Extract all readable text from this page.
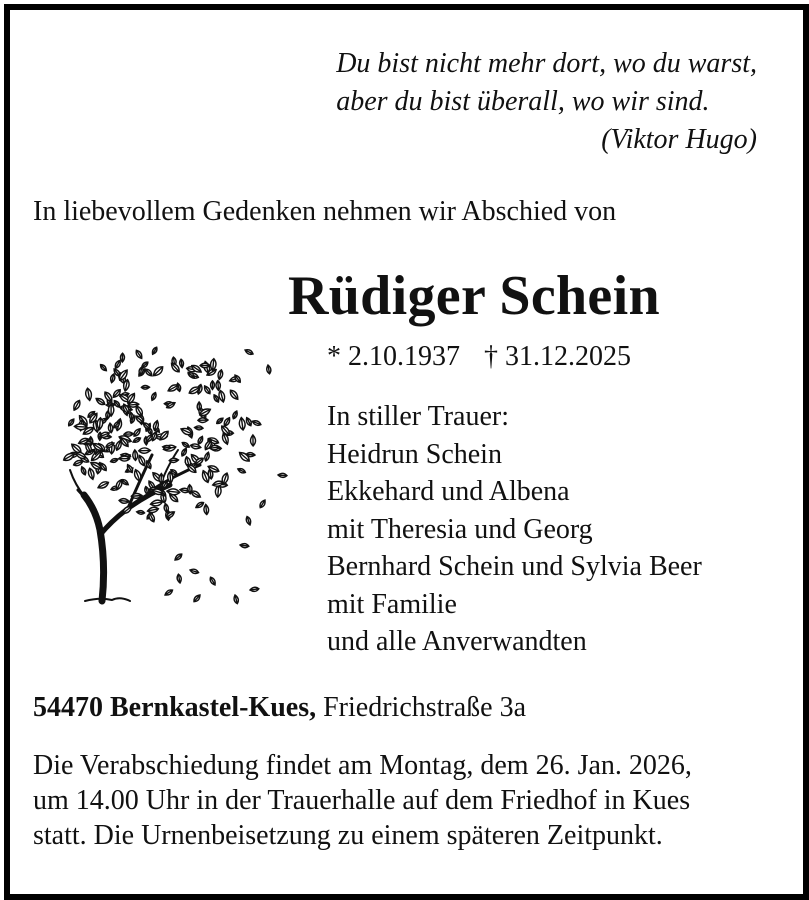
Du bist nicht mehr dort, wo du warst,
aber du bist überall, wo wir sind.
(Viktor Hugo)
In liebevollem Gedenken nehmen wir Abschied von
Rüdiger Schein
* 2.10.1937 † 31.12.2025
In stiller Trauer:
Heidrun Schein
Ekkehard und Albena
mit Theresia und Georg
Bernhard Schein und Sylvia Beer
mit Familie
und alle Anverwandten
54470 Bernkastel-Kues, Friedrichstraße 3a
Die Verabschiedung findet am Montag, dem 26. Jan. 2026,
um 14.00 Uhr in der Trauerhalle auf dem Friedhof in Kues
statt. Die Urnenbeisetzung zu einem späteren Zeitpunkt.
